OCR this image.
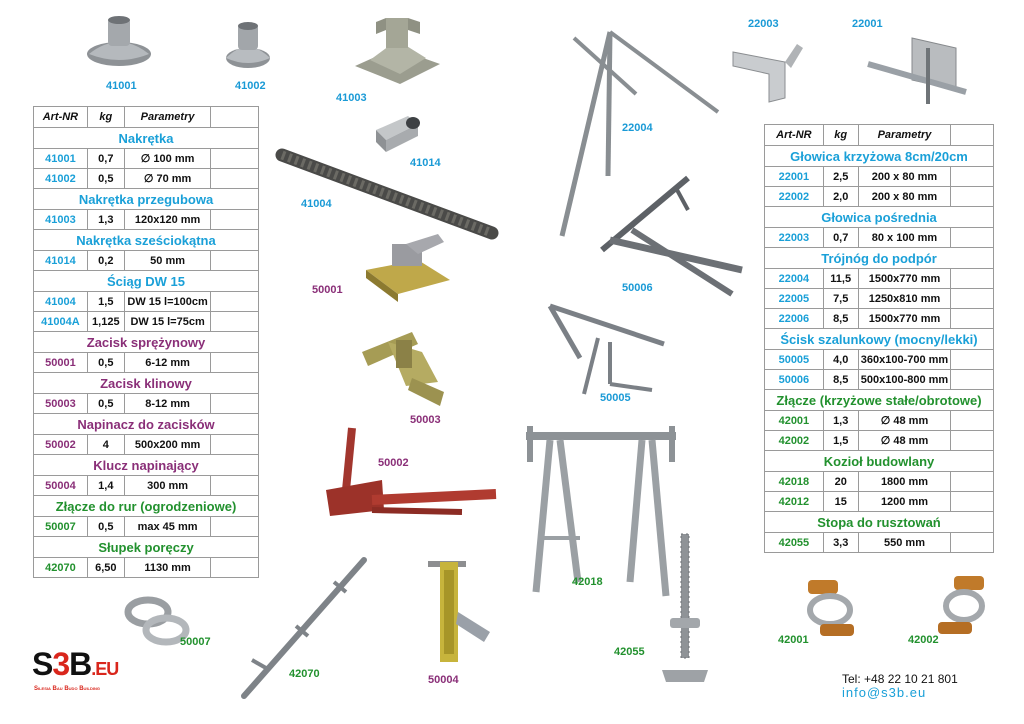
Art-NR	kg	Parametry	
Nakrętka			
41001	0,7	∅ 100 mm	
41002	0,5	∅ 70 mm	
Nakrętka przegubowa			
41003	1,3	120x120 mm	
Nakrętka sześciokątna			
41014	0,2	50 mm	
Ściąg DW 15			
41004	1,5	DW 15 l=100cm	
41004A	1,125	DW 15 l=75cm	
Zacisk sprężynowy			
50001	0,5	6-12 mm	
Zacisk klinowy			
50003	0,5	8-12 mm	
Napinacz do zacisków			
50002	4	500x200 mm	
Klucz napinający			
50004	1,4	300 mm	
Złącze do rur (ogrodzeniowe)			
50007	0,5	max 45 mm	
Słupek poręczy			
42070	6,50	1130 mm	
Art-NR	kg	Parametry	
Głowica krzyżowa 8cm/20cm			
22001	2,5	200 x 80 mm	
22002	2,0	200 x 80 mm	
Głowica pośrednia			
22003	0,7	80 x 100 mm	
Trójnóg do podpór			
22004	11,5	1500x770 mm	
22005	7,5	1250x810 mm	
22006	8,5	1500x770 mm	
Ścisk szalunkowy (mocny/lekki)			
50005	4,0	360x100-700 mm	
50006	8,5	500x100-800 mm	
Złącze (krzyżowe stałe/obrotowe)			
42001	1,3	∅ 48 mm	
42002	1,5	∅ 48 mm	
Kozioł budowlany			
42018	20	1800 mm	
42012	15	1200 mm	
Stopa do rusztowań			
42055	3,3	550 mm	
41001	41002
41003
41014
41004
50001
50003
50002
50007
42070	50004
42018
42055
22003	22001
22004
50006
50005
42001	42002
S3B.EU
Silesia Bau Budo Building
Tel: +48 22 10 21 801
info@s3b.eu
